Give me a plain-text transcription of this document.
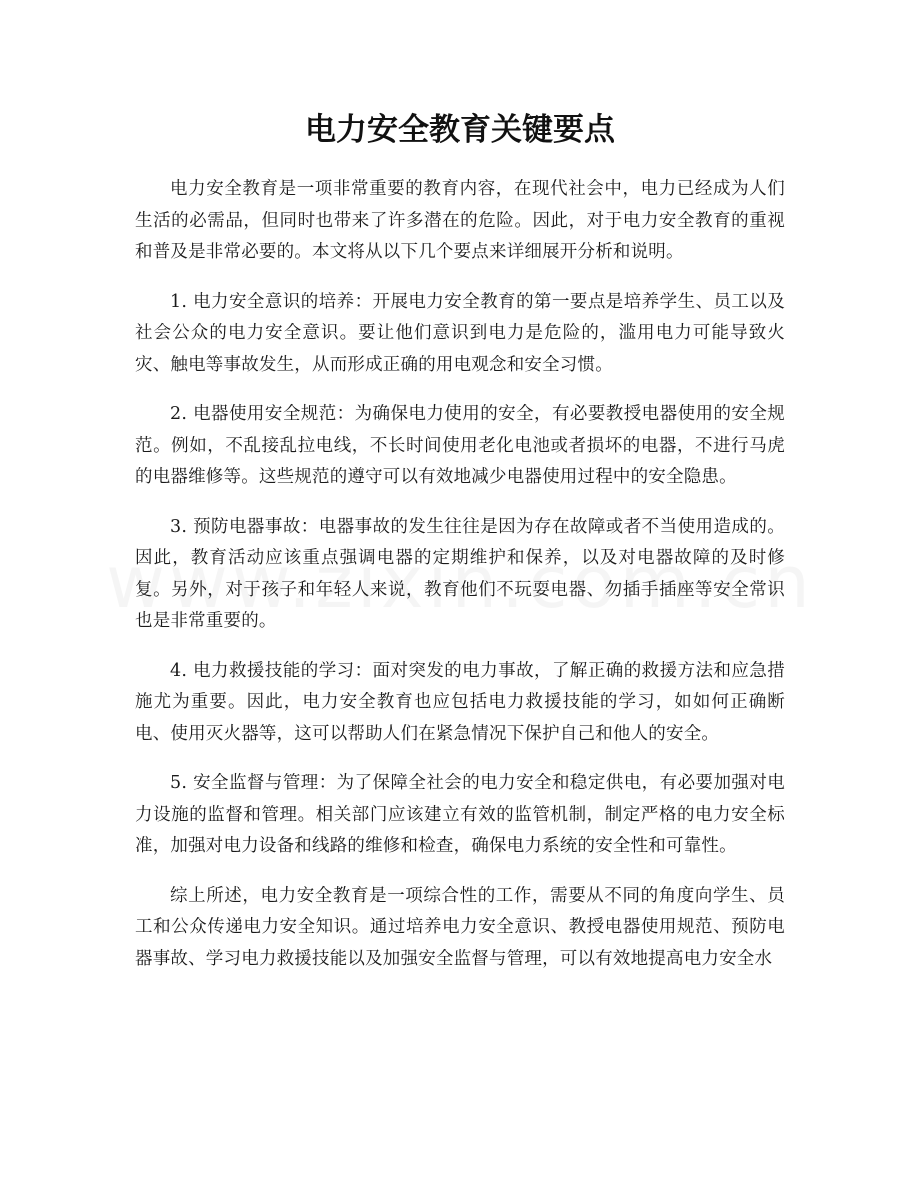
电力安全教育关键要点

电力安全教育是一项非常重要的教育内容，在现代社会中，电力已经成为人们生活的必需品，但同时也带来了许多潜在的危险。因此，对于电力安全教育的重视和普及是非常必要的。本文将从以下几个要点来详细展开分析和说明。

1. 电力安全意识的培养：开展电力安全教育的第一要点是培养学生、员工以及社会公众的电力安全意识。要让他们意识到电力是危险的，滥用电力可能导致火灾、触电等事故发生，从而形成正确的用电观念和安全习惯。

2. 电器使用安全规范：为确保电力使用的安全，有必要教授电器使用的安全规范。例如，不乱接乱拉电线，不长时间使用老化电池或者损坏的电器，不进行马虎的电器维修等。这些规范的遵守可以有效地减少电器使用过程中的安全隐患。

3. 预防电器事故：电器事故的发生往往是因为存在故障或者不当使用造成的。因此，教育活动应该重点强调电器的定期维护和保养，以及对电器故障的及时修复。另外，对于孩子和年轻人来说，教育他们不玩耍电器、勿插手插座等安全常识也是非常重要的。

4. 电力救援技能的学习：面对突发的电力事故，了解正确的救援方法和应急措施尤为重要。因此，电力安全教育也应包括电力救援技能的学习，如如何正确断电、使用灭火器等，这可以帮助人们在紧急情况下保护自己和他人的安全。

5. 安全监督与管理：为了保障全社会的电力安全和稳定供电，有必要加强对电力设施的监督和管理。相关部门应该建立有效的监管机制，制定严格的电力安全标准，加强对电力设备和线路的维修和检查，确保电力系统的安全性和可靠性。

综上所述，电力安全教育是一项综合性的工作，需要从不同的角度向学生、员工和公众传递电力安全知识。通过培养电力安全意识、教授电器使用规范、预防电器事故、学习电力救援技能以及加强安全监督与管理，可以有效地提高电力安全水
